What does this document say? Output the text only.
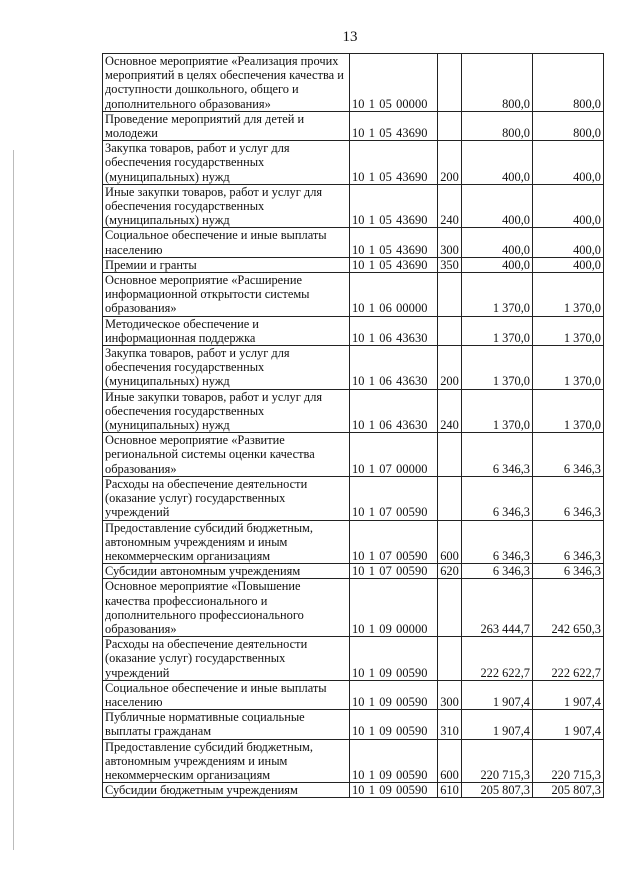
13
Основное мероприятие «Реализация прочих мероприятий в целях обеспечения качества и доступности дошкольного, общего и дополнительного образования»	10 1 05 00000		800,0	800,0
Проведение мероприятий для детей и молодежи	10 1 05 43690		800,0	800,0
Закупка товаров, работ и услуг для обеспечения государственных (муниципальных) нужд	10 1 05 43690	200	400,0	400,0
Иные закупки товаров, работ и услуг для обеспечения государственных (муниципальных) нужд	10 1 05 43690	240	400,0	400,0
Социальное обеспечение и иные выплаты населению	10 1 05 43690	300	400,0	400,0
Премии и гранты	10 1 05 43690	350	400,0	400,0
Основное мероприятие «Расширение информационной открытости системы образования»	10 1 06 00000		1 370,0	1 370,0
Методическое обеспечение и информационная поддержка	10 1 06 43630		1 370,0	1 370,0
Закупка товаров, работ и услуг для обеспечения государственных (муниципальных) нужд	10 1 06 43630	200	1 370,0	1 370,0
Иные закупки товаров, работ и услуг для обеспечения государственных (муниципальных) нужд	10 1 06 43630	240	1 370,0	1 370,0
Основное мероприятие «Развитие региональной системы оценки качества образования»	10 1 07 00000		6 346,3	6 346,3
Расходы на обеспечение деятельности (оказание услуг) государственных учреждений	10 1 07 00590		6 346,3	6 346,3
Предоставление субсидий бюджетным, автономным учреждениям и иным некоммерческим организациям	10 1 07 00590	600	6 346,3	6 346,3
Субсидии автономным учреждениям	10 1 07 00590	620	6 346,3	6 346,3
Основное мероприятие «Повышение качества профессионального и дополнительного профессионального образования»	10 1 09 00000		263 444,7	242 650,3
Расходы на обеспечение деятельности (оказание услуг) государственных учреждений	10 1 09 00590		222 622,7	222 622,7
Социальное обеспечение и иные выплаты населению	10 1 09 00590	300	1 907,4	1 907,4
Публичные нормативные социальные выплаты гражданам	10 1 09 00590	310	1 907,4	1 907,4
Предоставление субсидий бюджетным, автономным учреждениям и иным некоммерческим организациям	10 1 09 00590	600	220 715,3	220 715,3
Субсидии бюджетным учреждениям	10 1 09 00590	610	205 807,3	205 807,3
